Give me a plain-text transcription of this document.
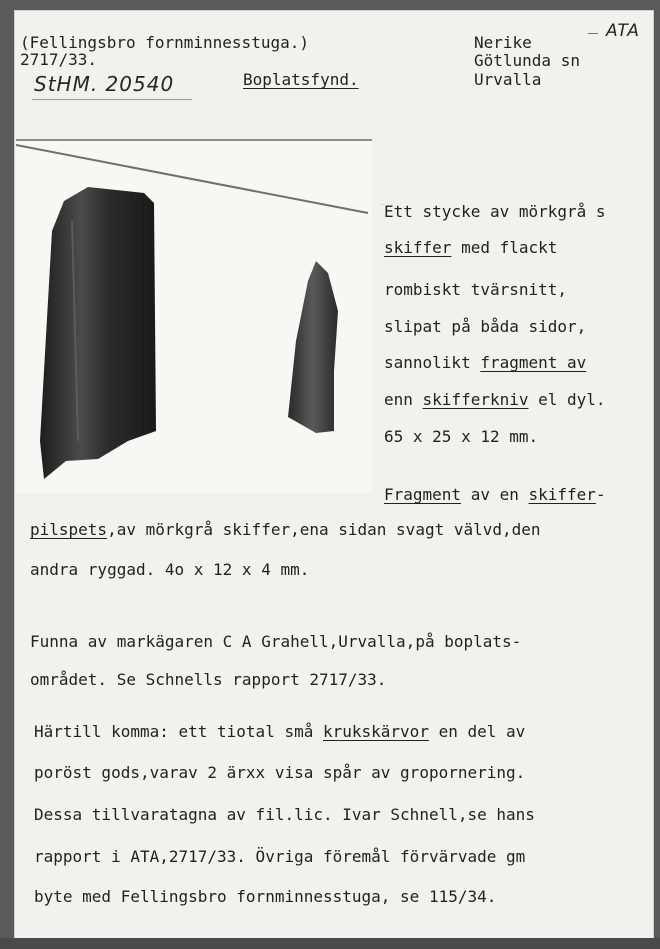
(Fellingsbro fornminnesstuga.)
2717/33.
StHM. 20540	Boplatsfynd.
Nerike
Götlunda sn
Urvalla
ATA
Ett stycke av mörkgrå s
skiffer med flackt
rombiskt tvärsnitt,
slipat på båda sidor,
sannolikt fragment av
enn skifferkniv el dyl.
65 x 25 x 12 mm.
Fragment av en skiffer-
pilspets,av mörkgrå skiffer,ena sidan svagt välvd,den
andra ryggad. 4o x 12 x 4 mm.
Funna av markägaren C A Grahell,Urvalla,på boplats-
området. Se Schnells rapport 2717/33.
Härtill komma: ett tiotal små krukskärvor en del av
poröst gods,varav 2 ärxx visa spår av gropornering.
Dessa tillvaratagna av fil.lic. Ivar Schnell,se hans
rapport i ATA,2717/33. Övriga föremål förvärvade gm
byte med Fellingsbro fornminnesstuga, se 115/34.
